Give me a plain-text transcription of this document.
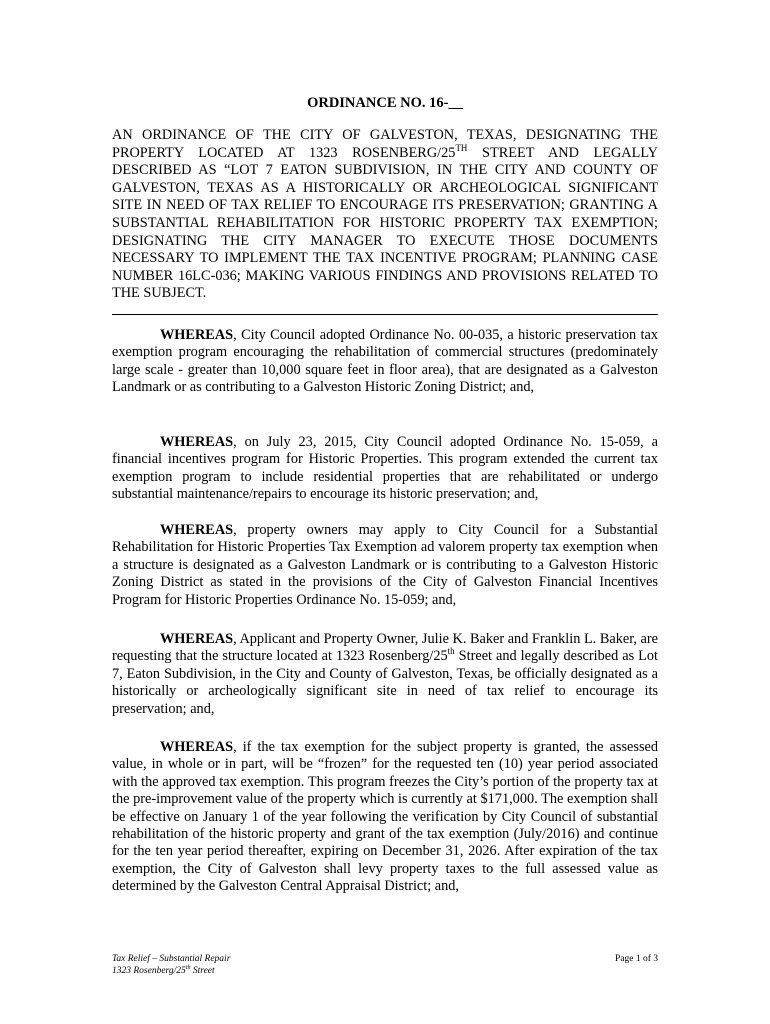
ORDINANCE NO. 16-__
AN ORDINANCE OF THE CITY OF GALVESTON, TEXAS, DESIGNATING THE PROPERTY LOCATED AT 1323 ROSENBERG/25TH STREET AND LEGALLY DESCRIBED AS “LOT 7 EATON SUBDIVISION, IN THE CITY AND COUNTY OF GALVESTON, TEXAS AS A HISTORICALLY OR ARCHEOLOGICAL SIGNIFICANT SITE IN NEED OF TAX RELIEF TO ENCOURAGE ITS PRESERVATION; GRANTING A SUBSTANTIAL REHABILITATION FOR HISTORIC PROPERTY TAX EXEMPTION; DESIGNATING THE CITY MANAGER TO EXECUTE THOSE DOCUMENTS NECESSARY TO IMPLEMENT THE TAX INCENTIVE PROGRAM; PLANNING CASE NUMBER 16LC-036; MAKING VARIOUS FINDINGS AND PROVISIONS RELATED TO THE SUBJECT.

WHEREAS, City Council adopted Ordinance No. 00-035, a historic preservation tax exemption program encouraging the rehabilitation of commercial structures (predominately large scale - greater than 10,000 square feet in floor area), that are designated as a Galveston Landmark or as contributing to a Galveston Historic Zoning District; and,

WHEREAS, on July 23, 2015, City Council adopted Ordinance No. 15-059, a financial incentives program for Historic Properties. This program extended the current tax exemption program to include residential properties that are rehabilitated or undergo substantial maintenance/repairs to encourage its historic preservation; and,

WHEREAS, property owners may apply to City Council for a Substantial Rehabilitation for Historic Properties Tax Exemption ad valorem property tax exemption when a structure is designated as a Galveston Landmark or is contributing to a Galveston Historic Zoning District as stated in the provisions of the City of Galveston Financial Incentives Program for Historic Properties Ordinance No. 15-059; and,

WHEREAS, Applicant and Property Owner, Julie K. Baker and Franklin L. Baker, are requesting that the structure located at 1323 Rosenberg/25th Street and legally described as Lot 7, Eaton Subdivision, in the City and County of Galveston, Texas, be officially designated as a historically or archeologically significant site in need of tax relief to encourage its preservation; and,

WHEREAS, if the tax exemption for the subject property is granted, the assessed value, in whole or in part, will be “frozen” for the requested ten (10) year period associated with the approved tax exemption. This program freezes the City’s portion of the property tax at the pre-improvement value of the property which is currently at $171,000. The exemption shall be effective on January 1 of the year following the verification by City Council of substantial rehabilitation of the historic property and grant of the tax exemption (July/2016) and continue for the ten year period thereafter, expiring on December 31, 2026. After expiration of the tax exemption, the City of Galveston shall levy property taxes to the full assessed value as determined by the Galveston Central Appraisal District; and,

Tax Relief – Substantial Repair
1323 Rosenberg/25th Street
Page 1 of 3
